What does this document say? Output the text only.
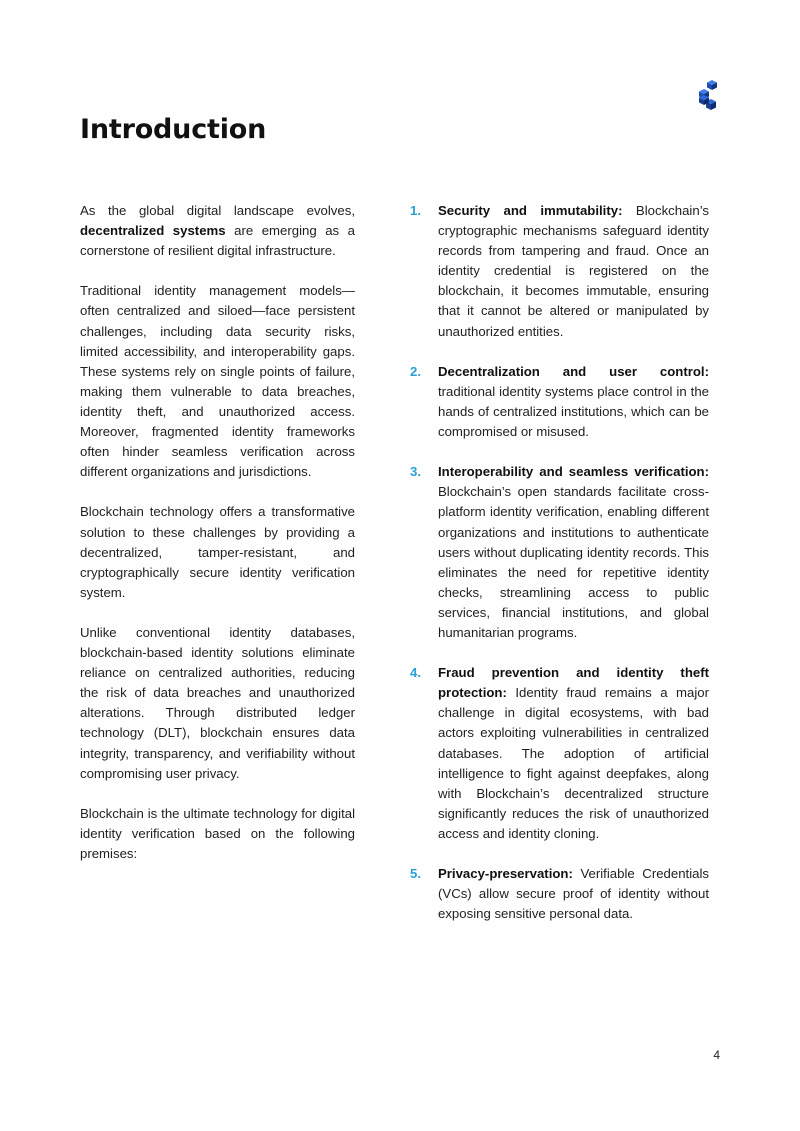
Introduction

As the global digital landscape evolves, decentralized systems are emerging as a cornerstone of resilient digital infrastructure.

Traditional identity management models—often centralized and siloed—face persistent challenges, including data security risks, limited accessibility, and interoperability gaps. These systems rely on single points of failure, making them vulnerable to data breaches, identity theft, and unauthorized access. Moreover, fragmented identity frameworks often hinder seamless verification across different organizations and jurisdictions.

Blockchain technology offers a transformative solution to these challenges by providing a decentralized, tamper-resistant, and cryptographically secure identity verification system.

Unlike conventional identity databases, blockchain-based identity solutions eliminate reliance on centralized authorities, reducing the risk of data breaches and unauthorized alterations. Through distributed ledger technology (DLT), blockchain ensures data integrity, transparency, and verifiability without compromising user privacy.

Blockchain is the ultimate technology for digital identity verification based on the following premises:

1.	Security and immutability: Blockchain’s cryptographic mechanisms safeguard identity records from tampering and fraud. Once an identity credential is registered on the blockchain, it becomes immutable, ensuring that it cannot be altered or manipulated by unauthorized entities.
2.	Decentralization and user control: traditional identity systems place control in the hands of centralized institutions, which can be compromised or misused.
3.	Interoperability and seamless verification: Blockchain’s open standards facilitate cross-platform identity verification, enabling different organizations and institutions to authenticate users without duplicating identity records. This eliminates the need for repetitive identity checks, streamlining access to public services, financial institutions, and global humanitarian programs.
4.	Fraud prevention and identity theft protection: Identity fraud remains a major challenge in digital ecosystems, with bad actors exploiting vulnerabilities in centralized databases. The adoption of artificial intelligence to fight against deepfakes, along with Blockchain’s decentralized structure significantly reduces the risk of unauthorized access and identity cloning.
5.	Privacy-preservation: Verifiable Credentials (VCs) allow secure proof of identity without exposing sensitive personal data.
4
